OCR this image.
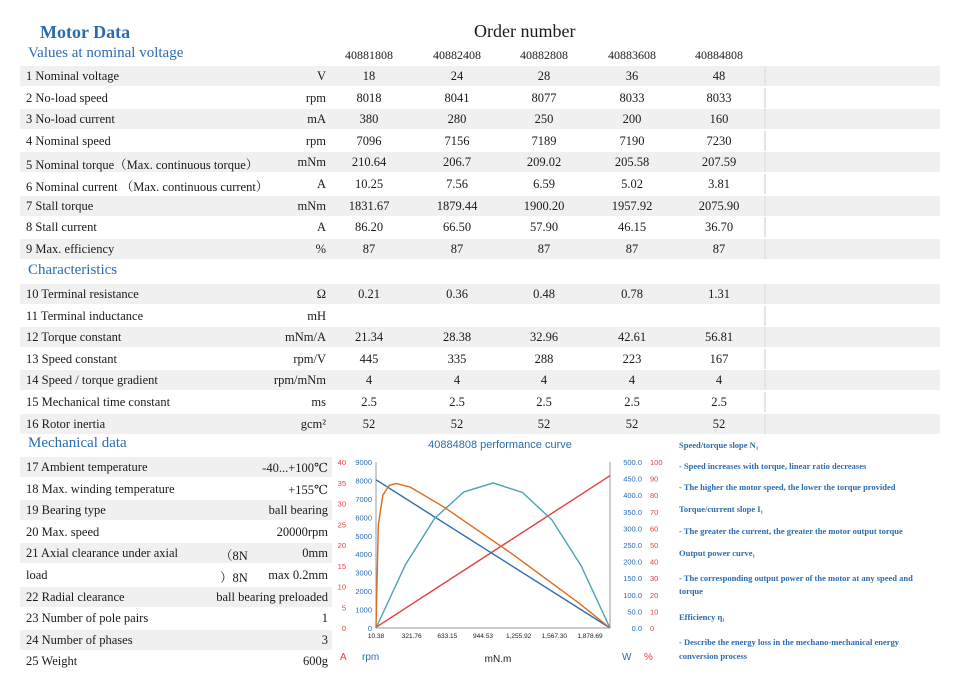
Motor Data	Order number
Values at nominal voltage	40881808	40882408	40882808	40883608	40884808
1 Nominal voltage	V	18	24	28	36	48
2 No-load speed	rpm	8018	8041	8077	8033	8033
3 No-load current	mA	380	280	250	200	160
4 Nominal speed	rpm	7096	7156	7189	7190	7230
5 Nominal torque（Max. continuous torque）	mNm	210.64	206.7	209.02	205.58	207.59
6 Nominal current （Max. continuous current）	A	10.25	7.56	6.59	5.02	3.81
7 Stall torque	mNm	1831.67	1879.44	1900.20	1957.92	2075.90
8 Stall current	A	86.20	66.50	57.90	46.15	36.70
9 Max. efficiency	%	87	87	87	87	87
Characteristics
10 Terminal resistance	Ω	0.21	0.36	0.48	0.78	1.31
11 Terminal inductance	mH
12 Torque constant	mNm/A	21.34	28.38	32.96	42.61	56.81
13 Speed constant	rpm/V	445	335	288	223	167
14 Speed / torque gradient	rpm/mNm	4	4	4	4	4
15 Mechanical time constant	ms	2.5	2.5	2.5	2.5	2.5
16 Rotor inertia	gcm²	52	52	52	52	52
Mechanical data
17 Ambient temperature	-40...+100℃
18 Max. winding temperature	+155℃
19 Bearing type	ball bearing
20 Max. speed	20000rpm
21 Axial clearance under axial	（8N	0mm
load	）8N max 0.2mm
22 Radial clearance	ball bearing preloaded
23 Number of pole pairs	1
24 Number of phases	3
25 Weight	600g
40884808 performance curve
0
5
10
15
20
25
30
35
40
0
1000
2000
3000
4000
5000
6000
7000
8000
9000
0.0
50.0
100.0
150.0
200.0
250.0
300.0
350.0
400.0
450.0
500.0
0
10
20
30
40
50
60
70
80
90
100
10.38	321.76 633.15 944.53 1,255.92 1,567.30 1,878.69
mN.m
A rpm	W %
Speed/torque slope N₁
- Speed increases with torque, linear ratio decreases
- The higher the motor speed, the lower the torque provided
Torque/current slope I₁
- The greater the current, the greater the motor output torque
Output power curve₁
- The corresponding output power of the motor at any speed and
torque
Efficiency η₁
- Describe the energy loss in the mechano-mechanical energy
conversion process
